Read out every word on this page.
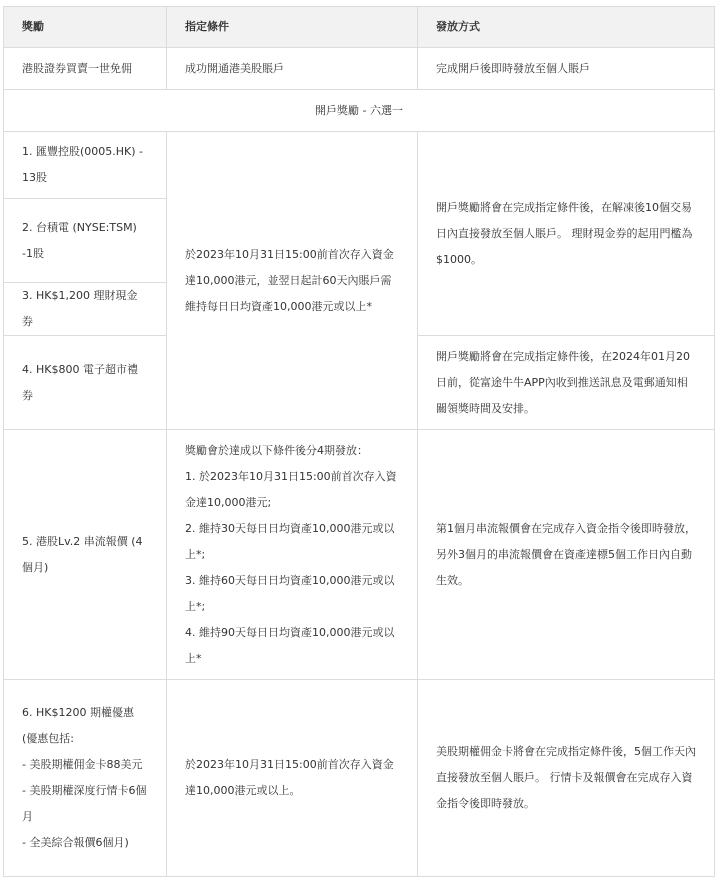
獎勵	指定條件	發放方式
港股證券買賣一世免佣	成功開通港美股賬戶	完成開戶後即時發放至個人賬戶
開戶獎勵 - 六選一		
1. 匯豐控股(0005.HK) - 13股	於2023年10月31日15:00前首次存入資金達10,000港元，並翌日起計60天內賬戶需維持每日日均資產10,000港元或以上*	開戶獎勵將會在完成指定條件後，在解凍後10個交易日內直接發放至個人賬戶。 理財現金券的起用門檻為$1000。
2. 台積電 (NYSE:TSM) -1股		
3. HK$1,200 理財現金券		
4. HK$800 電子超市禮券		開戶獎勵將會在完成指定條件後，在2024年01月20日前，從富途牛牛APP內收到推送訊息及電郵通知相關領獎時間及安排。
5. 港股Lv.2 串流報價 (4個月)	獎勵會於達成以下條件後分4期發放：
1. 於2023年10月31日15:00前首次存入資金達10,000港元;
2. 維持30天每日日均資產10,000港元或以上*;
3. 維持60天每日日均資產10,000港元或以上*;
4. 維持90天每日日均資產10,000港元或以上*	第1個月串流報價會在完成存入資金指令後即時發放，另外3個月的串流報價會在資產達標5個工作日內自動生效。
6. HK$1200 期權優惠
(優惠包括:
- 美股期權佣金卡88美元
- 美股期權深度行情卡6個月
- 全美綜合報價6個月)	於2023年10月31日15:00前首次存入資金達10,000港元或以上。	美股期權佣金卡將會在完成指定條件後，5個工作天內直接發放至個人賬戶。 行情卡及報價會在完成存入資金指令後即時發放。
